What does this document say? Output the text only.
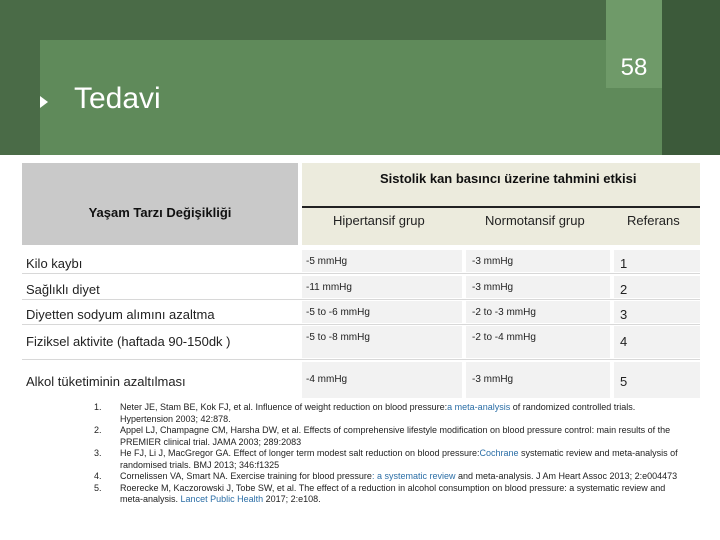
58
Tedavi
Yaşam Tarzı Değişikliği
Sistolik kan basıncı üzerine tahmini etkisi
Hipertansif grup	Normotansif grup	Referans
Kilo kaybı	-5 mmHg	-3 mmHg	1
Sağlıklı diyet	-11 mmHg	-3 mmHg	2
Diyetten sodyum alımını azaltma	-5 to -6 mmHg	-2 to -3 mmHg	3
Fiziksel aktivite (haftada 90-150dk )	-5 to -8 mmHg	-2 to -4 mmHg	4
Alkol tüketiminin azaltılması	-4 mmHg	-3 mmHg	5
1. Neter JE, Stam BE, Kok FJ, et al. Influence of weight reduction on blood pressure:a meta-analysis of randomized controlled trials. Hypertension 2003; 42:878.
2. Appel LJ, Champagne CM, Harsha DW, et al. Effects of comprehensive lifestyle modification on blood pressure control: main results of the PREMIER clinical trial. JAMA 2003; 289:2083
3. He FJ, Li J, MacGregor GA. Effect of longer term modest salt reduction on blood pressure:Cochrane systematic review and meta-analysis of randomised trials. BMJ 2013; 346:f1325
4. Cornelissen VA, Smart NA. Exercise training for blood pressure: a systematic review and meta-analysis. J Am Heart Assoc 2013; 2:e004473
5. Roerecke M, Kaczorowski J, Tobe SW, et al. The effect of a reduction in alcohol consumption on blood pressure: a systematic review and meta-analysis. Lancet Public Health 2017; 2:e108.
